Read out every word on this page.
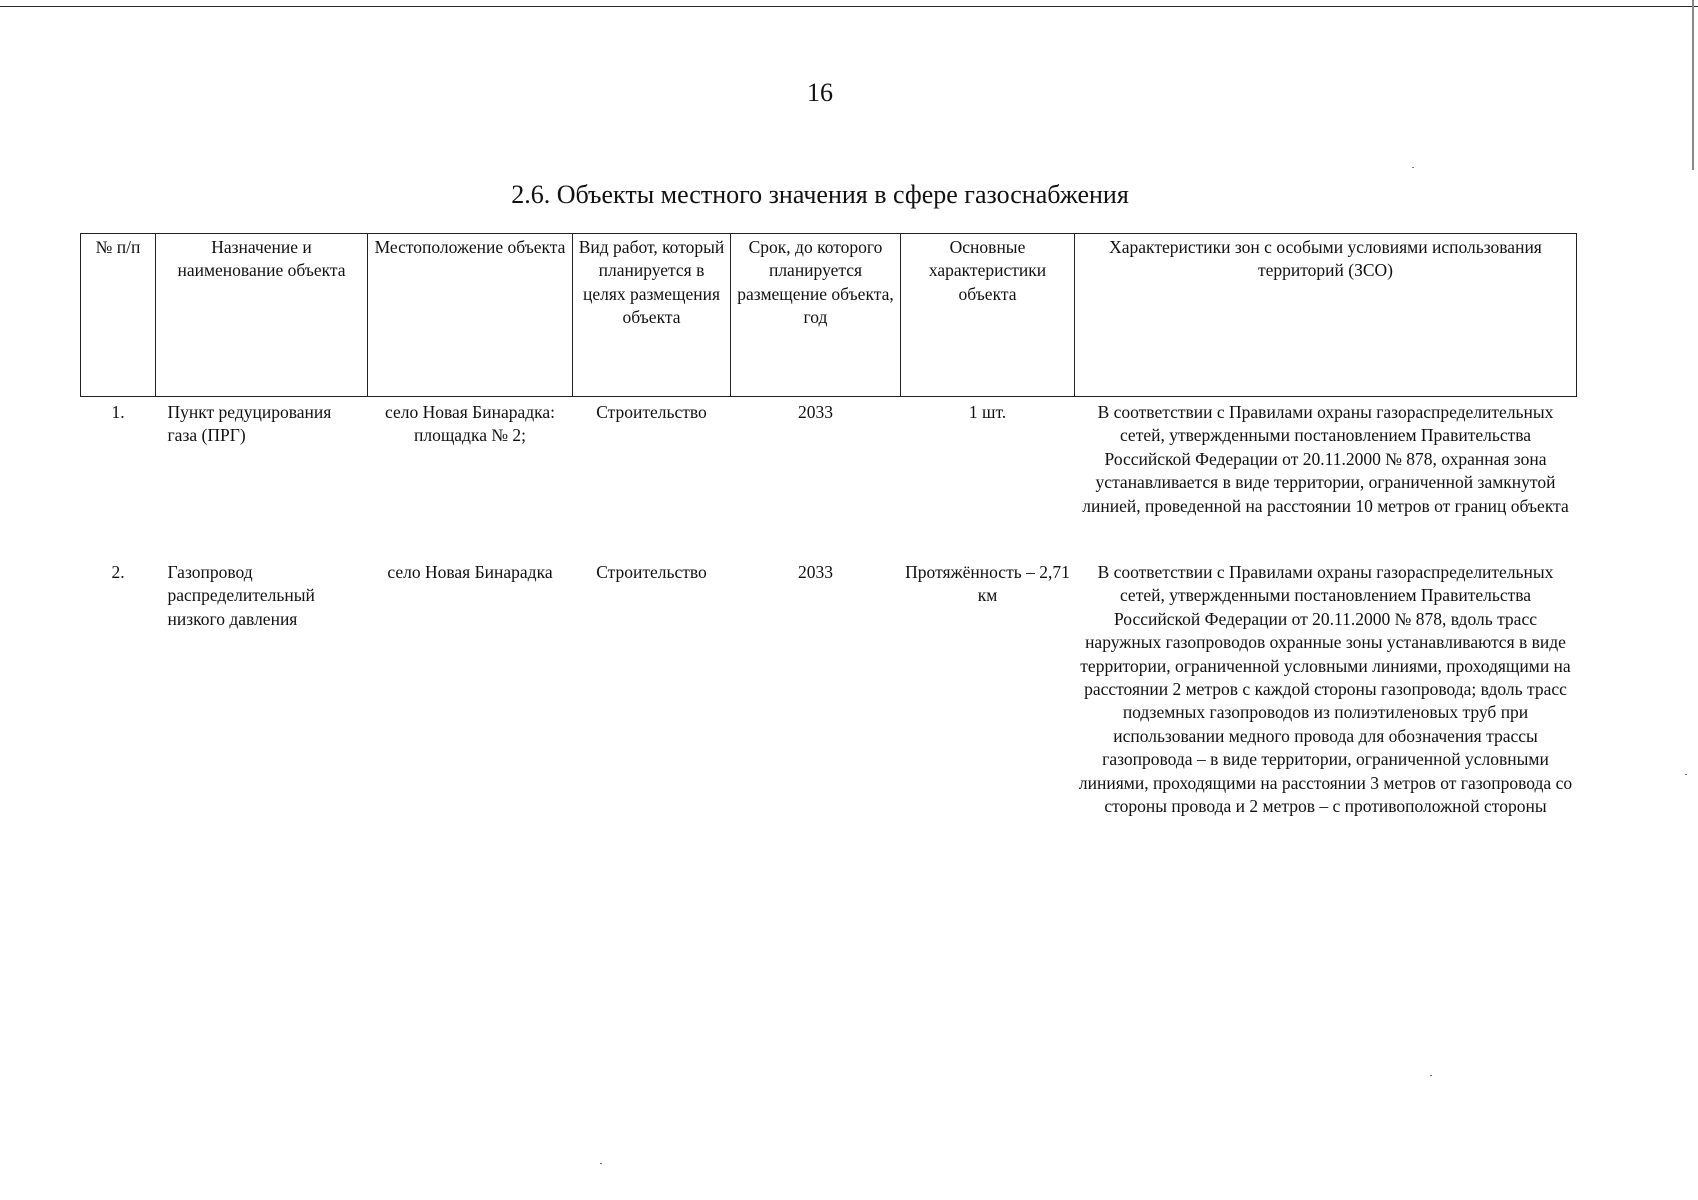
16
2.6. Объекты местного значения в сфере газоснабжения
№ п/п	Назначение и наименование объекта	Местоположение объекта	Вид работ, который планируется в целях размещения объекта	Срок, до которого планируется размещение объекта, год	Основные характеристики объекта	Характеристики зон с особыми условиями использования территорий (ЗСО)
1.	Пункт редуцирования газа (ПРГ)	село Новая Бинарадка: площадка № 2;	Строительство	2033	1 шт.	В соответствии с Правилами охраны газораспределительных сетей, утвержденными постановлением Правительства Российской Федерации от 20.11.2000 № 878, охранная зона устанавливается в виде территории, ограниченной замкнутой линией, проведенной на расстоянии 10 метров от границ объекта
2.	Газопровод распределительный низкого давления	село Новая Бинарадка	Строительство	2033	Протяжённость – 2,71 км	В соответствии с Правилами охраны газораспределительных сетей, утвержденными постановлением Правительства Российской Федерации от 20.11.2000 № 878, вдоль трасс наружных газопроводов охранные зоны устанавливаются в виде территории, ограниченной условными линиями, проходящими на расстоянии 2 метров с каждой стороны газопровода; вдоль трасс подземных газопроводов из полиэтиленовых труб при использовании медного провода для обозначения трассы газопровода – в виде территории, ограниченной условными линиями, проходящими на расстоянии 3 метров от газопровода со стороны провода и 2 метров – с противоположной стороны
